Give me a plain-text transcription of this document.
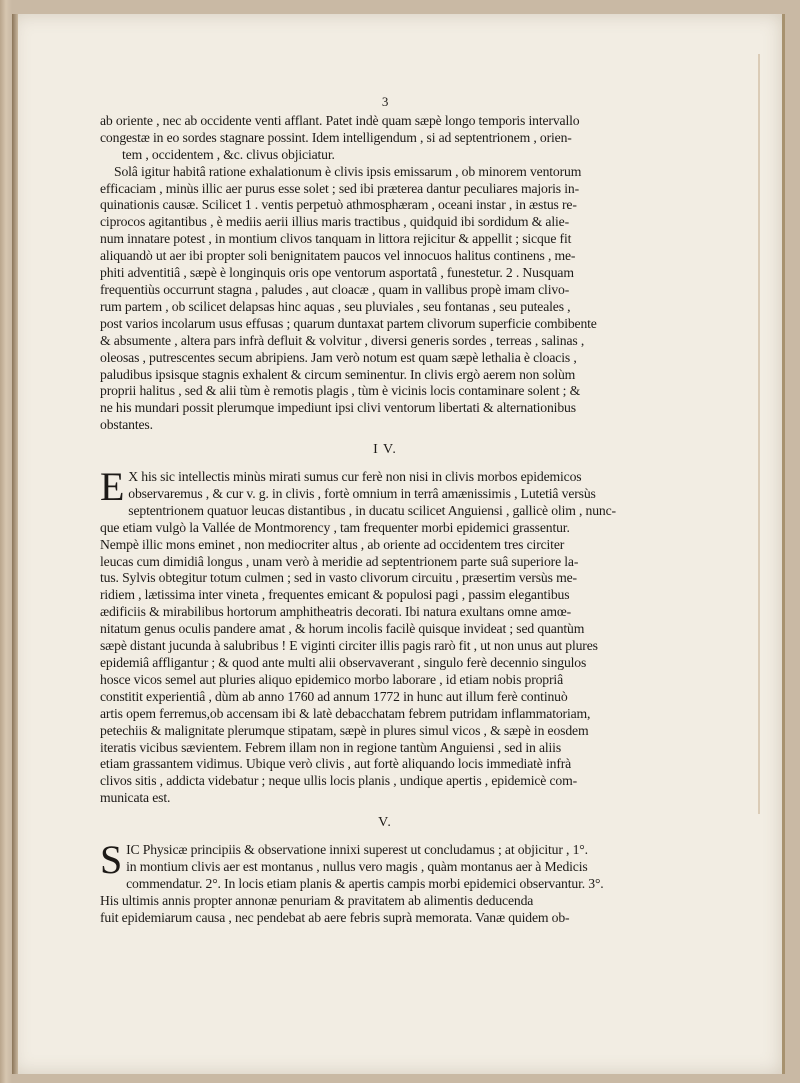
3
ab oriente , nec ab occidente venti afflant. Patet indè quam sæpè longo temporis intervallo
congestæ in eo sordes stagnare possint. Idem intelligendum , si ad septentrionem , orien-
tem , occidentem , &c. clivus objiciatur.
Solâ igitur habitâ ratione exhalationum è clivis ipsis emissarum , ob minorem ventorum
efficaciam , minùs illic aer purus esse solet ; sed ibi præterea dantur peculiares majoris in-
quinationis causæ. Scilicet 1 . ventis perpetuò athmosphæram , oceani instar , in æstus re-
ciprocos agitantibus , è mediis aerii illius maris tractibus , quidquid ibi sordidum & alie-
num innatare potest , in montium clivos tanquam in littora rejicitur & appellit ; sicque fit
aliquandò ut aer ibi propter soli benignitatem paucos vel innocuos halitus continens , me-
phiti adventitiâ , sæpè è longinquis oris ope ventorum asportatâ , funestetur. 2 . Nusquam
frequentiùs occurrunt stagna , paludes , aut cloacæ , quam in vallibus propè imam clivo-
rum partem , ob scilicet delapsas hinc aquas , seu pluviales , seu fontanas , seu puteales ,
post varios incolarum usus effusas ; quarum duntaxat partem clivorum superficie combibente
& absumente , altera pars infrà defluit & volvitur , diversi generis sordes , terreas , salinas ,
oleosas , putrescentes secum abripiens. Jam verò notum est quam sæpè lethalia è cloacis ,
paludibus ipsisque stagnis exhalent & circum seminentur. In clivis ergò aerem non solùm
proprii halitus , sed & alii tùm è remotis plagis , tùm è vicinis locis contaminare solent ; &
ne his mundari possit plerumque impediunt ipsi clivi ventorum libertati & alternationibus
obstantes.
I V.
E X his sic intellectis minùs mirati sumus cur ferè non nisi in clivis morbos epidemicos
observaremus , & cur v. g. in clivis , fortè omnium in terrâ amænissimis , Lutetiâ versùs
septentrionem quatuor leucas distantibus , in ducatu scilicet Anguiensi , gallicè olim , nunc-
que etiam vulgò la Vallée de Montmorency , tam frequenter morbi epidemici grassentur.
Nempè illic mons eminet , non mediocriter altus , ab oriente ad occidentem tres circiter
leucas cum dimidiâ longus , unam verò à meridie ad septentrionem parte suâ superiore la-
tus. Sylvis obtegitur totum culmen ; sed in vasto clivorum circuitu , præsertim versùs me-
ridiem , lætissima inter vineta , frequentes emicant & populosi pagi , passim elegantibus
ædificiis & mirabilibus hortorum amphitheatris decorati. Ibi natura exultans omne amœ-
nitatum genus oculis pandere amat , & horum incolis facilè quisque invideat ; sed quantùm
sæpè distant jucunda à salubribus ! E viginti circiter illis pagis rarò fit , ut non unus aut plures
epidemiâ affligantur ; & quod ante multi alii observaverant , singulo ferè decennio singulos
hosce vicos semel aut pluries aliquo epidemico morbo laborare , id etiam nobis propriâ
constitit experientiâ , dùm ab anno 1760 ad annum 1772 in hunc aut illum ferè continuò
artis opem ferremus,ob accensam ibi & latè debacchatam febrem putridam inflammatoriam,
petechiis & malignitate plerumque stipatam, sæpè in plures simul vicos , & sæpè in eosdem
iteratis vicibus sævientem. Febrem illam non in regione tantùm Anguiensi , sed in aliis
etiam grassantem vidimus. Ubique verò clivis , aut fortè aliquando locis immediatè infrà
clivos sitis , addicta videbatur ; neque ullis locis planis , undique apertis , epidemicè com-
municata est.
V.
S IC Physicæ principiis & observatione innixi superest ut concludamus ; at objicitur , 1°.
in montium clivis aer est montanus , nullus vero magis , quàm montanus aer à Medicis
commendatur. 2°. In locis etiam planis & apertis campis morbi epidemici observantur. 3°.
His ultimis annis propter annonæ penuriam & pravitatem ab alimentis deducenda
fuit epidemiarum causa , nec pendebat ab aere febris suprà memorata. Vanæ quidem ob-
